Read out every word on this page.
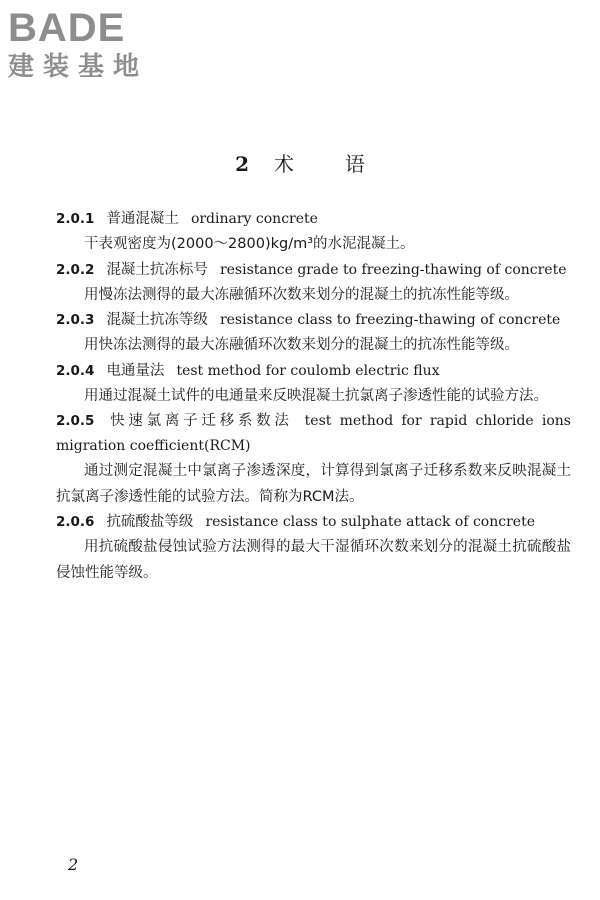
BADE
建装基地
2 术	语
2.0.1 普通混凝土 ordinary concrete
干表观密度为(2000～2800)kg/m³的水泥混凝土。
2.0.2 混凝土抗冻标号 resistance grade to freezing-thawing of concrete
用慢冻法测得的最大冻融循环次数来划分的混凝土的抗冻性能等级。
2.0.3 混凝土抗冻等级 resistance class to freezing-thawing of concrete
用快冻法测得的最大冻融循环次数来划分的混凝土的抗冻性能等级。
2.0.4 电通量法 test method for coulomb electric flux
用通过混凝土试件的电通量来反映混凝土抗氯离子渗透性能的试验方法。
2.0.5 快速氯离子迁移系数法 test method for rapid chloride ions migration coefficient(RCM)
通过测定混凝土中氯离子渗透深度，计算得到氯离子迁移系数来反映混凝土抗氯离子渗透性能的试验方法。简称为RCM法。
2.0.6 抗硫酸盐等级 resistance class to sulphate attack of concrete
用抗硫酸盐侵蚀试验方法测得的最大干湿循环次数来划分的混凝土抗硫酸盐侵蚀性能等级。
2
